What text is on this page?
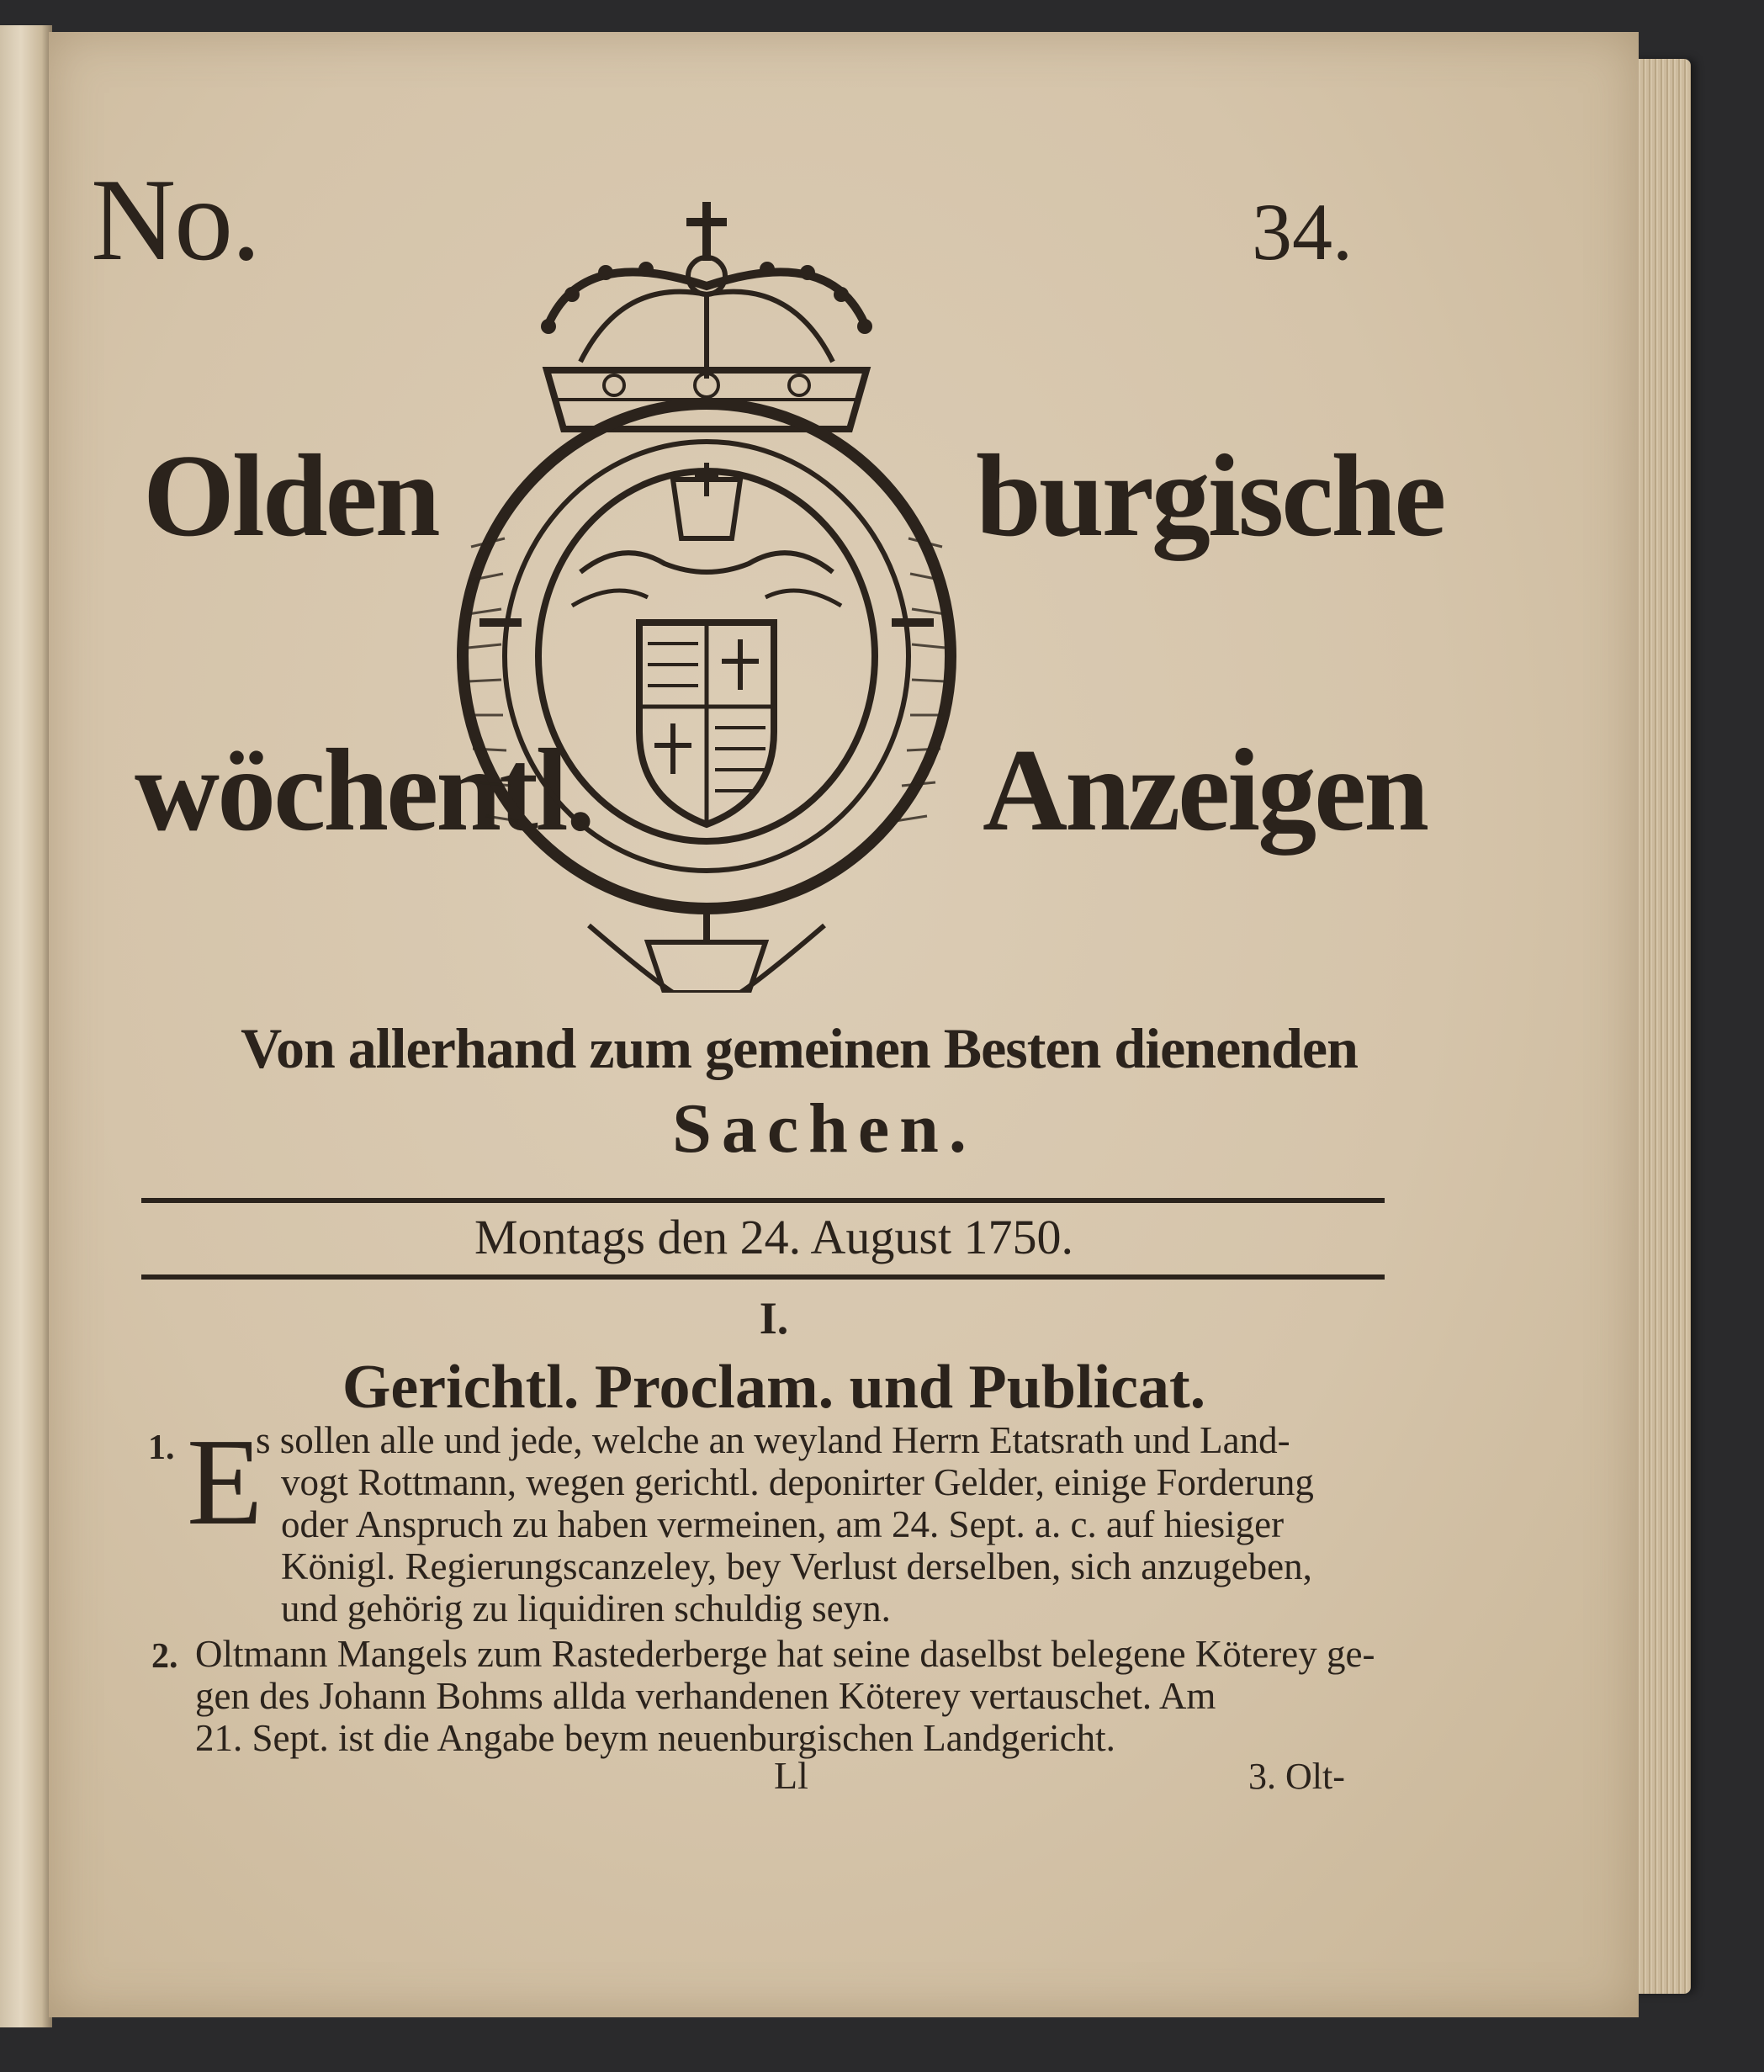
No.	34.
Olden	burgische
wöchentl.	Anzeigen
Von allerhand zum gemeinen Besten dienenden
Sachen.
Montags den 24. August 1750.
I.
Gerichtl. Proclam. und Publicat.
1. E
s sollen alle und jede, welche an weyland Herrn Etatsrath und Land-
vogt Rottmann, wegen gerichtl. deponirter Gelder, einige Forderung
oder Anspruch zu haben vermeinen, am 24. Sept. a. c. auf hiesiger
Königl. Regierungscanzeley, bey Verlust derselben, sich anzugeben,
und gehörig zu liquidiren schuldig seyn.
2. Oltmann Mangels zum Rastederberge hat seine daselbst belegene Köterey ge-
gen des Johann Bohms allda verhandenen Köterey vertauschet. Am
21. Sept. ist die Angabe beym neuenburgischen Landgericht.
Ll	3. Olt-
